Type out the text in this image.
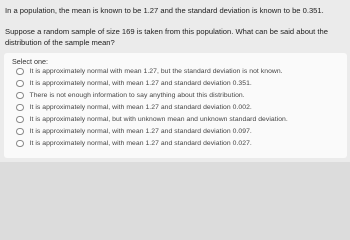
In a population, the mean is known to be 1.27 and the standard deviation is known to be 0.351.
Suppose a random sample of size 169 is taken from this population. What can be said about the
distribution of the sample mean?
Select one:
It is approximately normal with mean 1.27, but the standard deviation is not known.
It is approximately normal, with mean 1.27 and standard deviation 0.351.
There is not enough information to say anything about this distribution.
It is approximately normal, with mean 1.27 and standard deviation 0.002.
It is approximately normal, but with unknown mean and unknown standard deviation.
It is approximately normal, with mean 1.27 and standard deviation 0.097.
It is approximately normal, with mean 1.27 and standard deviation 0.027.
